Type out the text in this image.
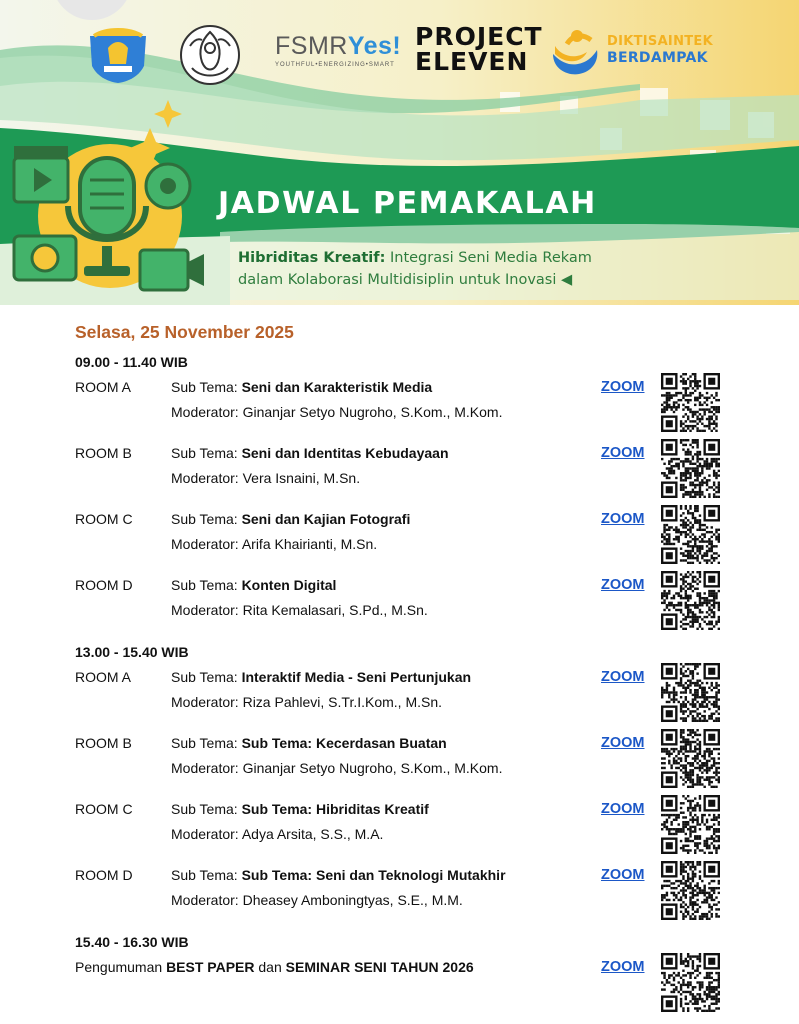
FSMRYes!
YOUTHFUL•ENERGIZING•SMART
PROJECT
ELEVEN
DIKTISAINTEK
BERDAMPAK
JADWAL PEMAKALAH
Hibriditas Kreatif: Integrasi Seni Media Rekam
dalam Kolaborasi Multidisiplin untuk Inovasi ◀
Selasa, 25 November 2025
09.00 - 11.40 WIB
ROOM A	Sub Tema: Seni dan Karakteristik Media
Moderator: Ginanjar Setyo Nugroho, S.Kom., M.Kom.
ZOOM
ROOM B	Sub Tema: Seni dan Identitas Kebudayaan
Moderator: Vera Isnaini, M.Sn.
ZOOM
ROOM C	Sub Tema: Seni dan Kajian Fotografi
Moderator: Arifa Khairianti, M.Sn.
ZOOM
ROOM D	Sub Tema: Konten Digital
Moderator: Rita Kemalasari, S.Pd., M.Sn.
ZOOM
13.00 - 15.40 WIB
ROOM A	Sub Tema: Interaktif Media - Seni Pertunjukan
Moderator: Riza Pahlevi, S.Tr.I.Kom., M.Sn.
ZOOM
ROOM B	Sub Tema: Sub Tema: Kecerdasan Buatan
Moderator: Ginanjar Setyo Nugroho, S.Kom., M.Kom.
ZOOM
ROOM C	Sub Tema: Sub Tema: Hibriditas Kreatif
Moderator: Adya Arsita, S.S., M.A.
ZOOM
ROOM D	Sub Tema: Sub Tema: Seni dan Teknologi Mutakhir
Moderator: Dheasey Amboningtyas, S.E., M.M.
ZOOM
15.40 - 16.30 WIB
Pengumuman BEST PAPER dan SEMINAR SENI TAHUN 2026	ZOOM
